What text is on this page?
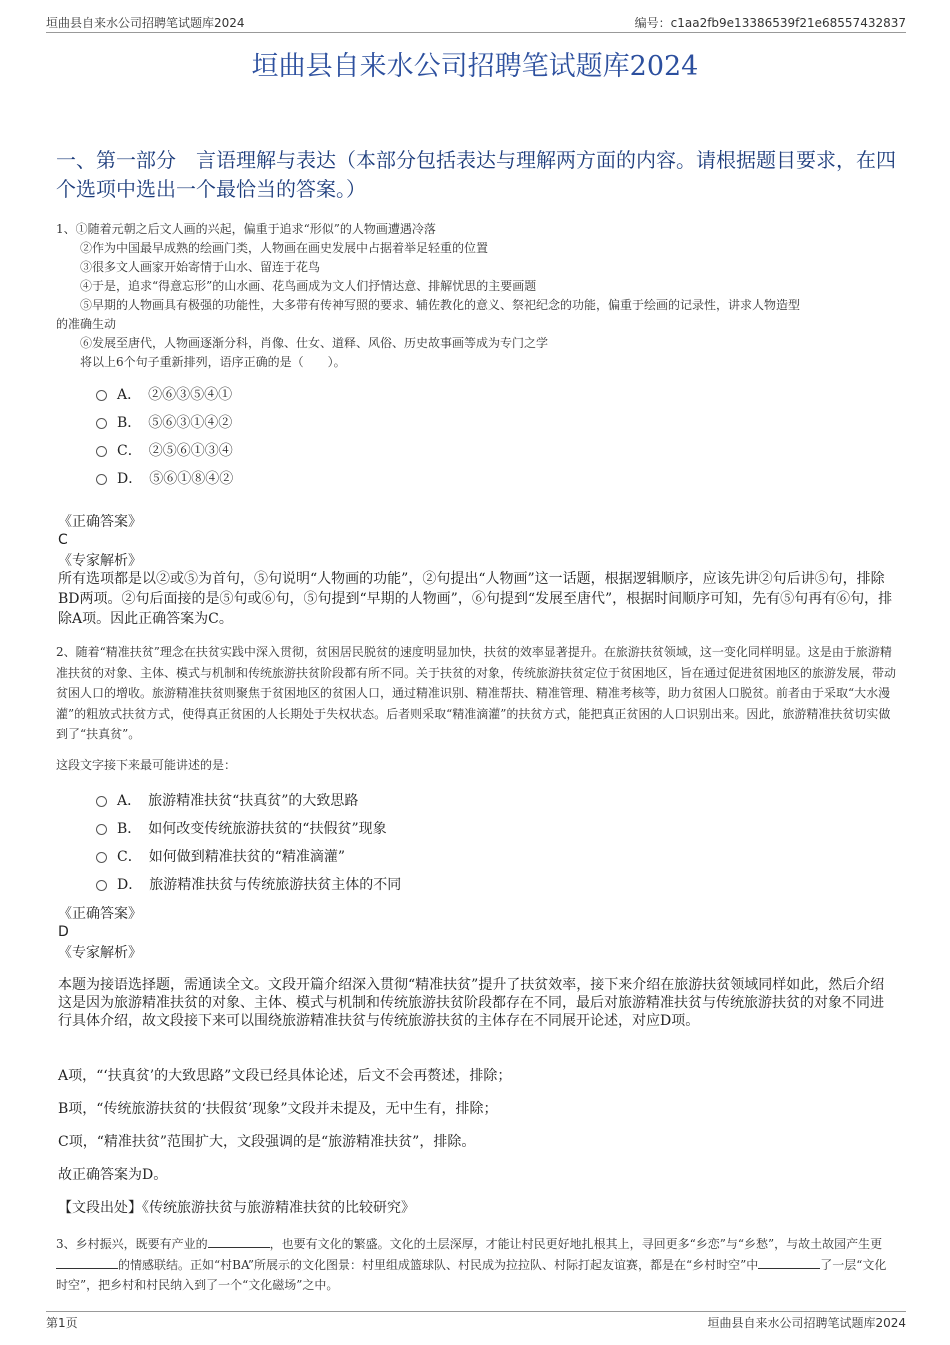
垣曲县自来水公司招聘笔试题库2024	编号：c1aa2fb9e13386539f21e68557432837
垣曲县自来水公司招聘笔试题库2024
一、第一部分　言语理解与表达（本部分包括表达与理解两方面的内容。请根据题目要求，在四个选项中选出一个最恰当的答案。）
1、①随着元朝之后文人画的兴起，偏重于追求“形似”的人物画遭遇冷落
②作为中国最早成熟的绘画门类，人物画在画史发展中占据着举足轻重的位置
③很多文人画家开始寄情于山水、留连于花鸟
④于是，追求“得意忘形”的山水画、花鸟画成为文人们抒情达意、排解忧思的主要画题
⑤早期的人物画具有极强的功能性，大多带有传神写照的要求、辅佐教化的意义、祭祀纪念的功能，偏重于绘画的记录性，讲求人物造型
的准确生动
⑥发展至唐代，人物画逐渐分科，肖像、仕女、道释、风俗、历史故事画等成为专门之学
将以上6个句子重新排列，语序正确的是（　　）。
A．　②⑥③⑤④①
B．　⑤⑥③①④②
C．　②⑤⑥①③④
D．　⑤⑥①⑧④②
《正确答案》
C
《专家解析》
所有选项都是以②或⑤为首句，⑤句说明“人物画的功能”，②句提出“人物画”这一话题，根据逻辑顺序，应该先讲②句后讲⑤句，排除BD两项。②句后面接的是⑤句或⑥句，⑤句提到“早期的人物画”，⑥句提到“发展至唐代”，根据时间顺序可知，先有⑤句再有⑥句，排除A项。因此正确答案为C。
2、随着“精准扶贫”理念在扶贫实践中深入贯彻，贫困居民脱贫的速度明显加快，扶贫的效率显著提升。在旅游扶贫领域，这一变化同样明显。这是由于旅游精准扶贫的对象、主体、模式与机制和传统旅游扶贫阶段都有所不同。关于扶贫的对象，传统旅游扶贫定位于贫困地区，旨在通过促进贫困地区的旅游发展，带动贫困人口的增收。旅游精准扶贫则聚焦于贫困地区的贫困人口，通过精准识别、精准帮扶、精准管理、精准考核等，助力贫困人口脱贫。前者由于采取“大水漫灌”的粗放式扶贫方式，使得真正贫困的人长期处于失权状态。后者则采取“精准滴灌”的扶贫方式，能把真正贫困的人口识别出来。因此，旅游精准扶贫切实做到了“扶真贫”。
这段文字接下来最可能讲述的是：
A．　旅游精准扶贫“扶真贫”的大致思路
B．　如何改变传统旅游扶贫的“扶假贫”现象
C．　如何做到精准扶贫的“精准滴灌”
D．　旅游精准扶贫与传统旅游扶贫主体的不同
《正确答案》
D
《专家解析》
本题为接语选择题，需通读全文。文段开篇介绍深入贯彻“精准扶贫”提升了扶贫效率，接下来介绍在旅游扶贫领域同样如此，然后介绍这是因为旅游精准扶贫的对象、主体、模式与机制和传统旅游扶贫阶段都存在不同，最后对旅游精准扶贫与传统旅游扶贫的对象不同进行具体介绍，故文段接下来可以围绕旅游精准扶贫与传统旅游扶贫的主体存在不同展开论述，对应D项。
A项，“‘扶真贫’的大致思路”文段已经具体论述，后文不会再赘述，排除；
B项，“传统旅游扶贫的‘扶假贫’现象”文段并未提及，无中生有，排除；
C项，“精准扶贫”范围扩大，文段强调的是“旅游精准扶贫”，排除。
故正确答案为D。
【文段出处】《传统旅游扶贫与旅游精准扶贫的比较研究》
3、乡村振兴，既要有产业的	，也要有文化的繁盛。文化的土层深厚，才能让村民更好地扎根其上，寻回更多“乡恋”与“乡愁”，与故土故园产生更的情感联结。正如“村BA”所展示的文化图景：村里组成篮球队、村民成为拉拉队、村际打起友谊赛，都是在“乡村时空”中	了一层“文化时空”，把乡村和村民纳入到了一个“文化磁场”之中。
第1页	垣曲县自来水公司招聘笔试题库2024
